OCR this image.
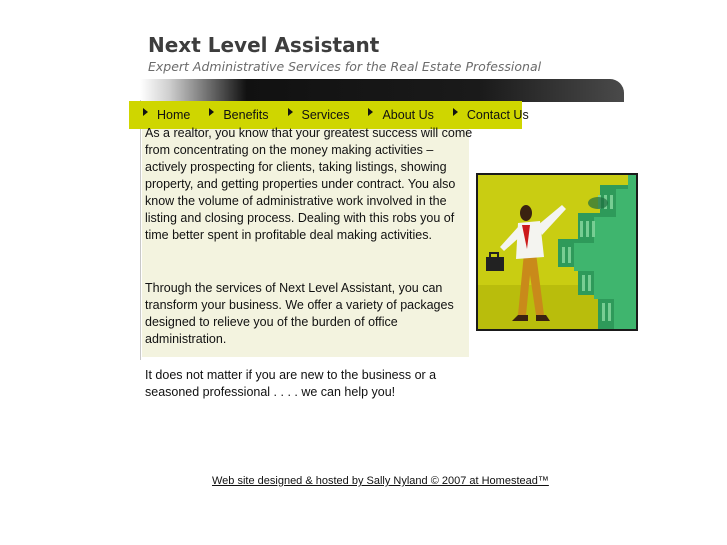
Next Level Assistant
Expert Administrative Services for the Real Estate Professional
Home	Benefits	Services	About Us	Contact Us

As a realtor, you know that your greatest success will come from concentrating on the money making activities – actively prospecting for clients, taking listings, showing property, and getting properties under contract. You also know the volume of administrative work involved in the listing and closing process. Dealing with this robs you of time better spent in profitable deal making activities.

Through the services of Next Level Assistant, you can transform your business. We offer a variety of packages designed to relieve you of the burden of office administration.

It does not matter if you are new to the business or a seasoned professional . . . . we can help you!

Web site designed & hosted by Sally Nyland © 2007 at Homestead™
